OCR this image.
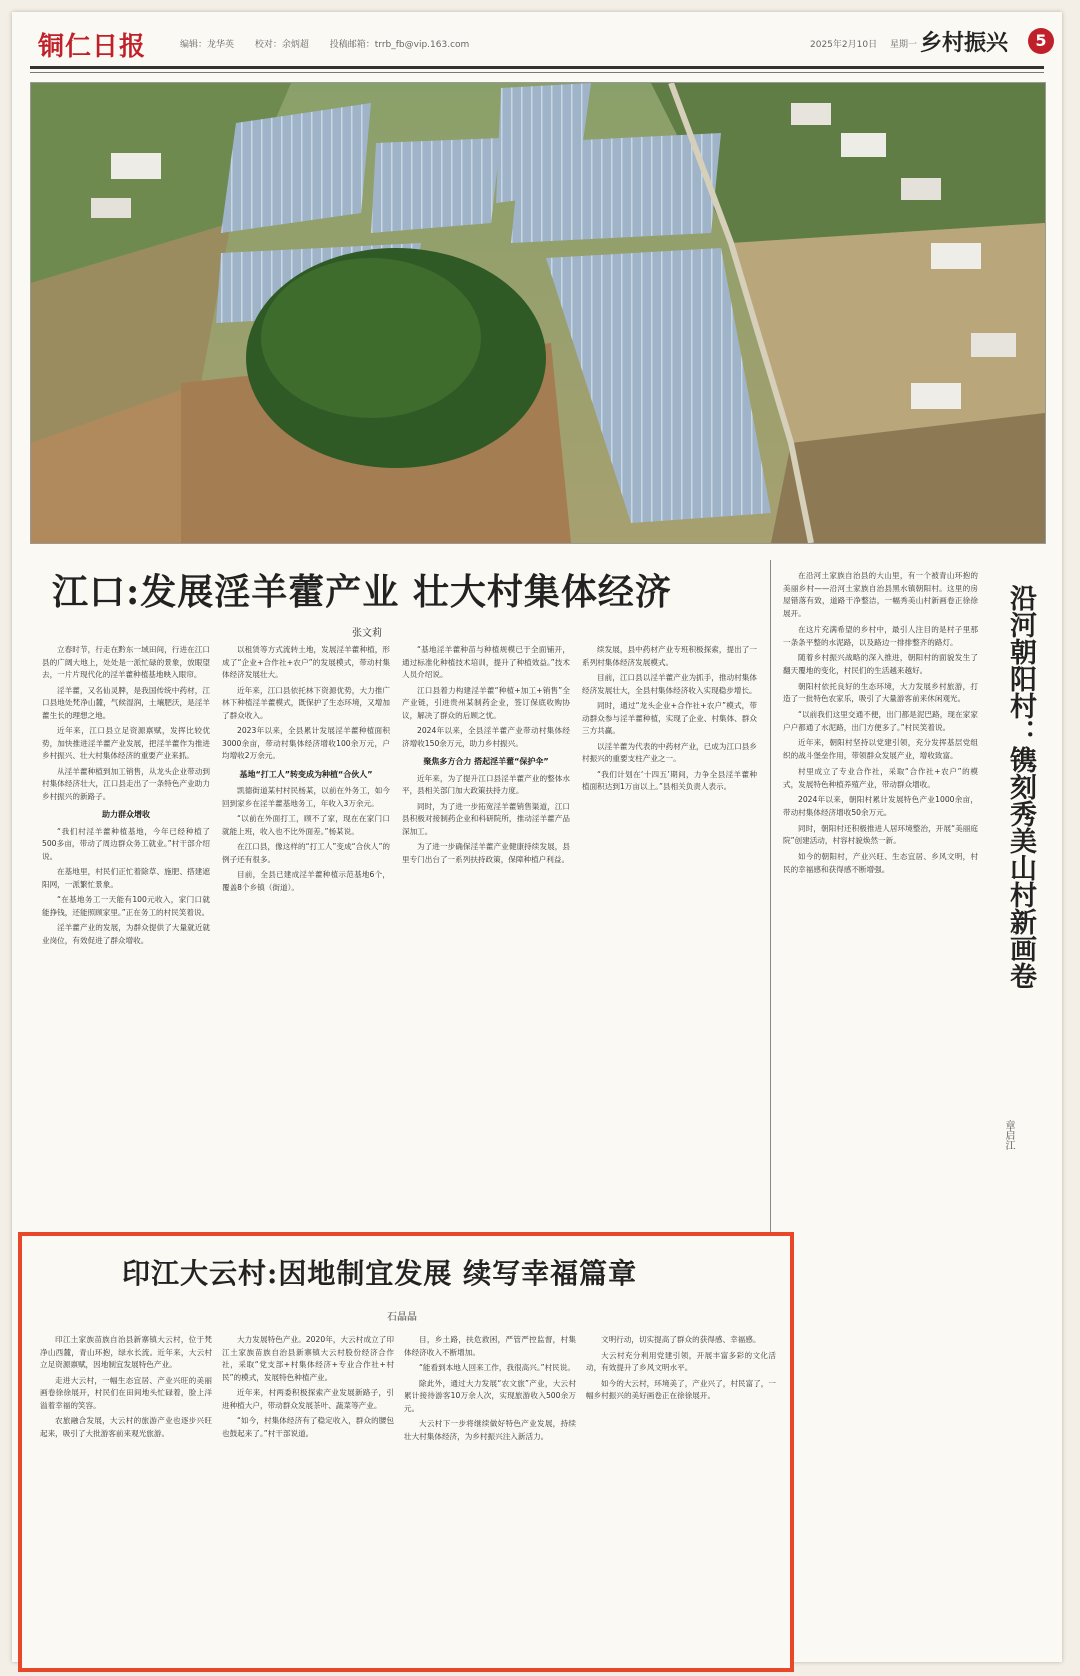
铜仁日报	编辑：龙华英 校对：余炳超 投稿邮箱：trrb_fb@vip.163.com	2025年2月10日 星期一 乡村振兴	5
江口:发展淫羊藿产业 壮大村集体经济
张文莉

立春时节，行走在黔东一域田间，行进在江口县的广阔大地上，处处是一派忙碌的景象，放眼望去，一片片现代化的淫羊藿种植基地映入眼帘。

淫羊藿，又名仙灵脾，是我国传统中药材，江口县地处梵净山麓，气候湿润，土壤肥沃，是淫羊藿生长的理想之地。

近年来，江口县立足资源禀赋，发挥比较优势，加快推进淫羊藿产业发展，把淫羊藿作为推进乡村振兴、壮大村集体经济的重要产业来抓。

从淫羊藿种植到加工销售，从龙头企业带动到村集体经济壮大，江口县走出了一条特色产业助力乡村振兴的新路子。

助力群众增收

“我们村淫羊藿种植基地，今年已经种植了500多亩，带动了周边群众务工就业。”村干部介绍说。

在基地里，村民们正忙着除草、施肥、搭建遮阳网，一派繁忙景象。

“在基地务工一天能有100元收入，家门口就能挣钱，还能照顾家里。”正在务工的村民笑着说。

淫羊藿产业的发展，为群众提供了大量就近就业岗位，有效促进了群众增收。

以租赁等方式流转土地，发展淫羊藿种植，形成了“企业+合作社+农户”的发展模式，带动村集体经济发展壮大。

近年来，江口县依托林下资源优势，大力推广林下种植淫羊藿模式，既保护了生态环境，又增加了群众收入。

2023年以来，全县累计发展淫羊藿种植面积3000余亩，带动村集体经济增收100余万元，户均增收2万余元。

基地“打工人”转变成为种植“合伙人”

凯德街道某村村民杨某，以前在外务工，如今回到家乡在淫羊藿基地务工，年收入3万余元。

“以前在外面打工，顾不了家，现在在家门口就能上班，收入也不比外面差。”杨某说。

在江口县，像这样的“打工人”变成“合伙人”的例子还有很多。

目前，全县已建成淫羊藿种植示范基地6个，覆盖8个乡镇（街道）。

“基地淫羊藿种苗与种植规模已于全面铺开，通过标准化种植技术培训，提升了种植效益。”技术人员介绍说。

江口县着力构建淫羊藿“种植+加工+销售”全产业链，引进贵州某制药企业，签订保底收购协议，解决了群众的后顾之忧。

2024年以来，全县淫羊藿产业带动村集体经济增收150余万元，助力乡村振兴。

聚焦多方合力 搭起淫羊藿“保护伞”

近年来，为了提升江口县淫羊藿产业的整体水平，县相关部门加大政策扶持力度。

同时，为了进一步拓宽淫羊藿销售渠道，江口县积极对接制药企业和科研院所，推动淫羊藿产品深加工。

为了进一步确保淫羊藿产业健康持续发展，县里专门出台了一系列扶持政策，保障种植户利益。

续发展，县中药材产业专班积极探索，提出了一系列村集体经济发展模式。

目前，江口县以淫羊藿产业为抓手，推动村集体经济发展壮大，全县村集体经济收入实现稳步增长。

同时，通过“龙头企业+合作社+农户”模式，带动群众参与淫羊藿种植，实现了企业、村集体、群众三方共赢。

以淫羊藿为代表的中药材产业，已成为江口县乡村振兴的重要支柱产业之一。

“我们计划在‘十四五’期间，力争全县淫羊藿种植面积达到1万亩以上。”县相关负责人表示。

在沿河土家族自治县的大山里，有一个被青山环抱的美丽乡村——沿河土家族自治县黑水镇朝阳村。这里的房屋错落有致，道路干净整洁，一幅秀美山村新画卷正徐徐展开。

在这片充满希望的乡村中，最引人注目的是村子里那一条条平整的水泥路，以及路边一排排整齐的路灯。

随着乡村振兴战略的深入推进，朝阳村的面貌发生了翻天覆地的变化，村民们的生活越来越好。

朝阳村依托良好的生态环境，大力发展乡村旅游，打造了一批特色农家乐，吸引了大量游客前来休闲观光。

“以前我们这里交通不便，出门都是泥巴路，现在家家户户都通了水泥路，出门方便多了。”村民笑着说。

近年来，朝阳村坚持以党建引领，充分发挥基层党组织的战斗堡垒作用，带领群众发展产业，增收致富。

村里成立了专业合作社，采取“合作社+农户”的模式，发展特色种植养殖产业，带动群众增收。

2024年以来，朝阳村累计发展特色产业1000余亩，带动村集体经济增收50余万元。

同时，朝阳村还积极推进人居环境整治，开展“美丽庭院”创建活动，村容村貌焕然一新。

如今的朝阳村，产业兴旺、生态宜居、乡风文明，村民的幸福感和获得感不断增强。	沿河朝阳村：镌刻秀美山村新画卷
章启江
印江大云村:因地制宜发展 续写幸福篇章
石晶晶

印江土家族苗族自治县新寨镇大云村，位于梵净山西麓，青山环抱，绿水长流。近年来，大云村立足资源禀赋，因地制宜发展特色产业。

走进大云村，一幅生态宜居、产业兴旺的美丽画卷徐徐展开，村民们在田间地头忙碌着，脸上洋溢着幸福的笑容。

农旅融合发展，大云村的旅游产业也逐步兴旺起来，吸引了大批游客前来观光旅游。

大力发展特色产业。2020年，大云村成立了印江土家族苗族自治县新寨镇大云村股份经济合作社，采取“党支部+村集体经济+专业合作社+村民”的模式，发展特色种植产业。

近年来，村两委积极探索产业发展新路子，引进种植大户，带动群众发展茶叶、蔬菜等产业。

“如今，村集体经济有了稳定收入，群众的腰包也鼓起来了。”村干部说道。

目，乡土路，扶危救困，严管严控监督，村集体经济收入不断增加。

“能看到本地人回来工作，我很高兴。”村民说。

除此外，通过大力发展“农文旅”产业，大云村累计接待游客10万余人次，实现旅游收入500余万元。

大云村下一步将继续做好特色产业发展，持续壮大村集体经济，为乡村振兴注入新活力。

文明行动，切实提高了群众的获得感、幸福感。

大云村充分利用党建引领，开展丰富多彩的文化活动，有效提升了乡风文明水平。

如今的大云村，环境美了，产业兴了，村民富了，一幅乡村振兴的美好画卷正在徐徐展开。
